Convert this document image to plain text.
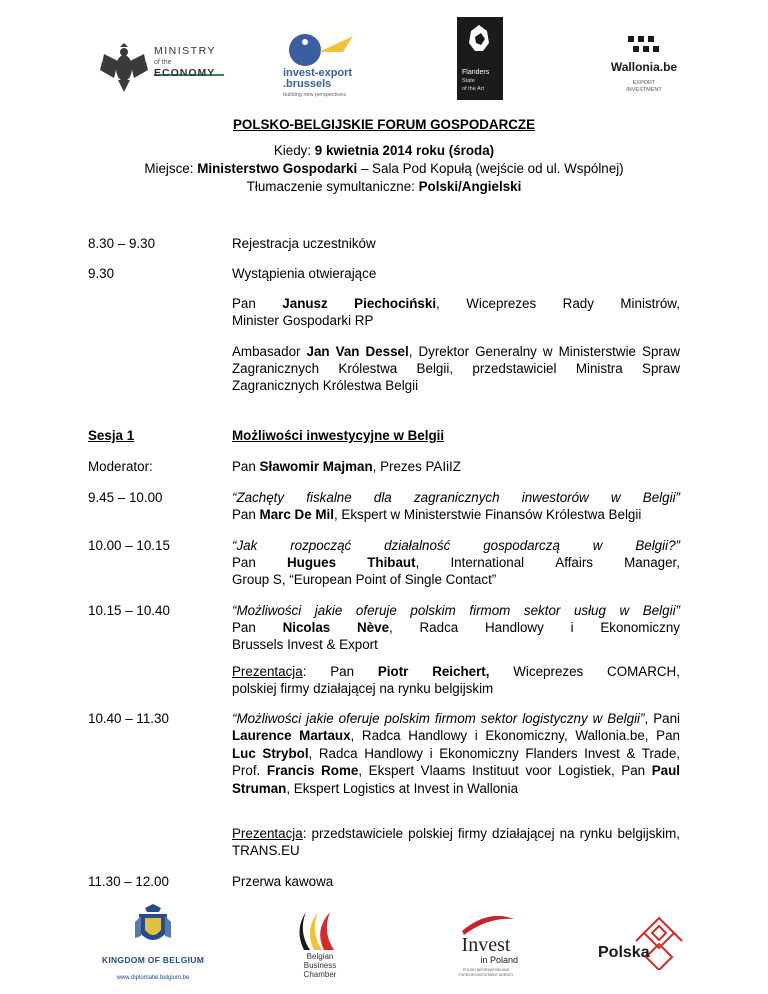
MINISTRY
of the
ECONOMY	invest-export
.brussels
building new perspectives
Flanders
State
of the Art
Wallonia.be
EXPORT
INVESTMENT
POLSKO-BELGIJSKIE FORUM GOSPODARCZE
Kiedy: 9 kwietnia 2014 roku (środa)
Miejsce: Ministerstwo Gospodarki – Sala Pod Kopułą (wejście od ul. Wspólnej)
Tłumaczenie symultaniczne: Polski/Angielski
8.30 – 9.30	Rejestracja uczestników
9.30	Wystąpienia otwierające
Pan Janusz Piechociński, Wiceprezes Rady Ministrów,
Minister Gospodarki RP
Ambasador Jan Van Dessel, Dyrektor Generalny w Ministerstwie Spraw Zagranicznych Królestwa Belgii, przedstawiciel Ministra Spraw Zagranicznych Królestwa Belgii
Sesja 1	Możliwości inwestycyjne w Belgii
Moderator:	Pan Sławomir Majman, Prezes PAIiIZ
9.45 – 10.00	“Zachęty fiskalne dla zagranicznych inwestorów w Belgii”
Pan Marc De Mil, Ekspert w Ministerstwie Finansów Królestwa Belgii
10.00 – 10.15	“Jak rozpocząć działalność gospodarczą w Belgii?”
Pan Hugues Thibaut, International Affairs Manager,
Group S, “European Point of Single Contact”
10.15 – 10.40	“Możliwości jakie oferuje polskim firmom sektor usług w Belgii”
Pan Nicolas Nève, Radca Handlowy i Ekonomiczny
Brussels Invest & Export
Prezentacja: Pan Piotr Reichert, Wiceprezes COMARCH,
polskiej firmy działającej na rynku belgijskim
10.40 – 11.30	“Możliwości jakie oferuje polskim firmom sektor logistyczny w Belgii”, Pani Laurence Martaux, Radca Handlowy i Ekonomiczny, Wallonia.be, Pan Luc Strybol, Radca Handlowy i Ekonomiczny Flanders Invest & Trade, Prof. Francis Rome, Ekspert Vlaams Instituut voor Logistiek, Pan Paul Struman, Ekspert Logistics at Invest in Wallonia
Prezentacja: przedstawiciele polskiej firmy działającej na rynku belgijskim, TRANS.EU
11.30 – 12.00	Przerwa kawowa
KINGDOM OF BELGIUM
www.diplomatie.belgium.be
Belgian
Business
Chamber
Invest
in Poland
POLISH INFORMATION AND
FOREIGN INVESTMENT AGENCY
Polska
